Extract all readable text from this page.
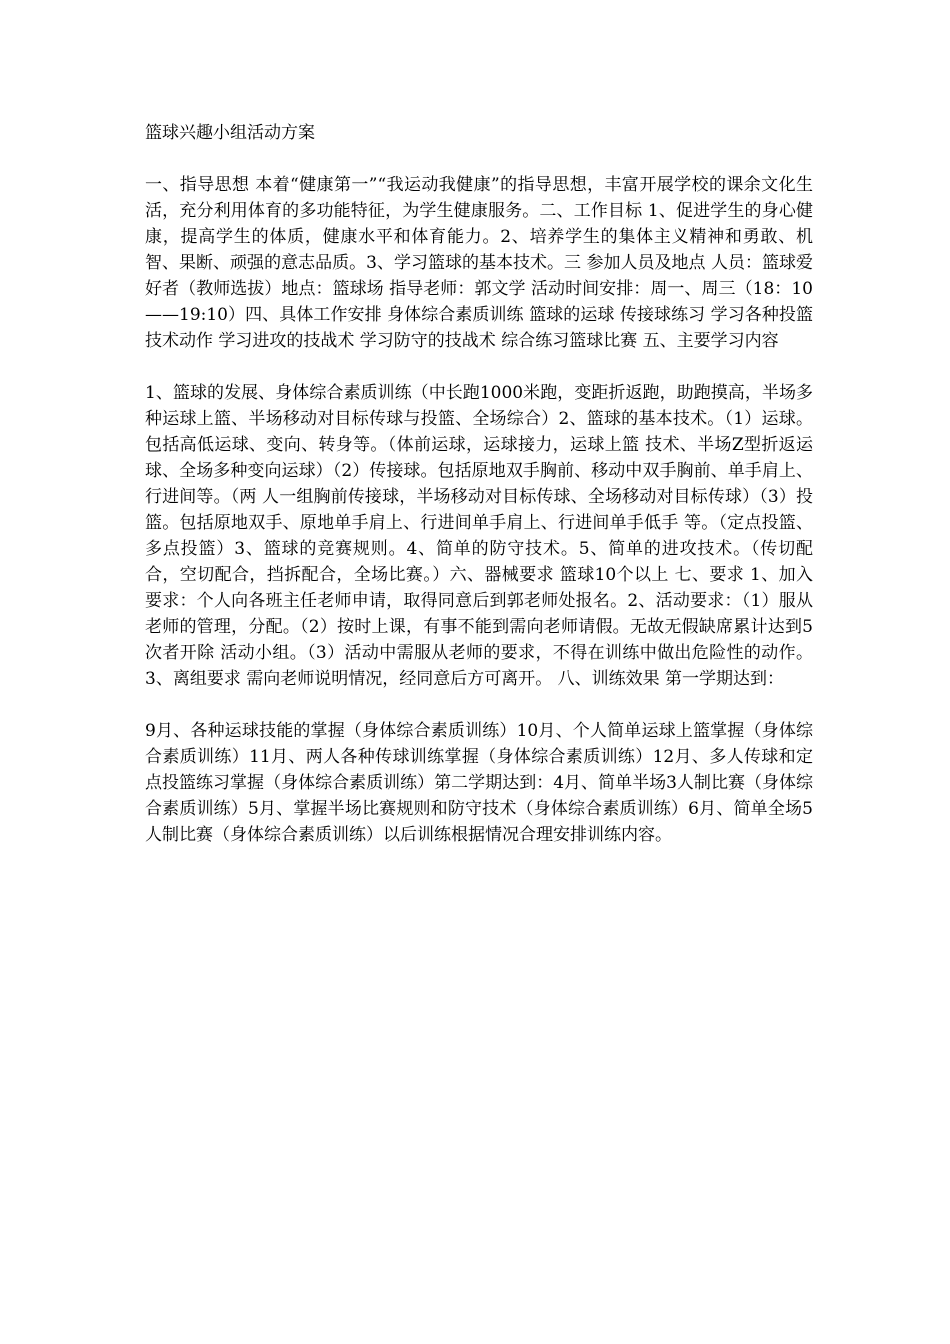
篮球兴趣小组活动方案

一、指导思想 本着“健康第一”“我运动我健康”的指导思想，丰富开展学校的课余文化生活，充分利用体育的多功能特征，为学生健康服务。二、工作目标 1、促进学生的身心健康，提高学生的体质，健康水平和体育能力。2、培养学生的集体主义精神和勇敢、机智、果断、顽强的意志品质。3、学习篮球的基本技术。三 参加人员及地点 人员：篮球爱好者（教师选拔）地点：篮球场 指导老师：郭文学 活动时间安排：周一、周三（18：10——19:10）四、具体工作安排 身体综合素质训练 篮球的运球 传接球练习 学习各种投篮技术动作 学习进攻的技战术 学习防守的技战术 综合练习篮球比赛 五、主要学习内容

1、篮球的发展、身体综合素质训练（中长跑1000米跑，变距折返跑，助跑摸高，半场多种运球上篮、半场移动对目标传球与投篮、全场综合）2、篮球的基本技术。（1）运球。包括高低运球、变向、转身等。（体前运球，运球接力，运球上篮 技术、半场Z型折返运球、全场多种变向运球）（2）传接球。包括原地双手胸前、移动中双手胸前、单手肩上、行进间等。（两 人一组胸前传接球，半场移动对目标传球、全场移动对目标传球）（3）投篮。包括原地双手、原地单手肩上、行进间单手肩上、行进间单手低手 等。（定点投篮、多点投篮）3、篮球的竞赛规则。4、简单的防守技术。5、简单的进攻技术。（传切配合，空切配合，挡拆配合，全场比赛。）六、器械要求 篮球10个以上 七、要求 1、加入要求：个人向各班主任老师申请，取得同意后到郭老师处报名。2、活动要求：（1）服从老师的管理，分配。（2）按时上课，有事不能到需向老师请假。无故无假缺席累计达到5次者开除 活动小组。（3）活动中需服从老师的要求，不得在训练中做出危险性的动作。 3、离组要求 需向老师说明情况，经同意后方可离开。 八、训练效果 第一学期达到：

9月、各种运球技能的掌握（身体综合素质训练）10月、个人简单运球上篮掌握（身体综合素质训练）11月、两人各种传球训练掌握（身体综合素质训练）12月、多人传球和定点投篮练习掌握（身体综合素质训练）第二学期达到：4月、简单半场3人制比赛（身体综合素质训练）5月、掌握半场比赛规则和防守技术（身体综合素质训练）6月、简单全场5人制比赛（身体综合素质训练）以后训练根据情况合理安排训练内容。
